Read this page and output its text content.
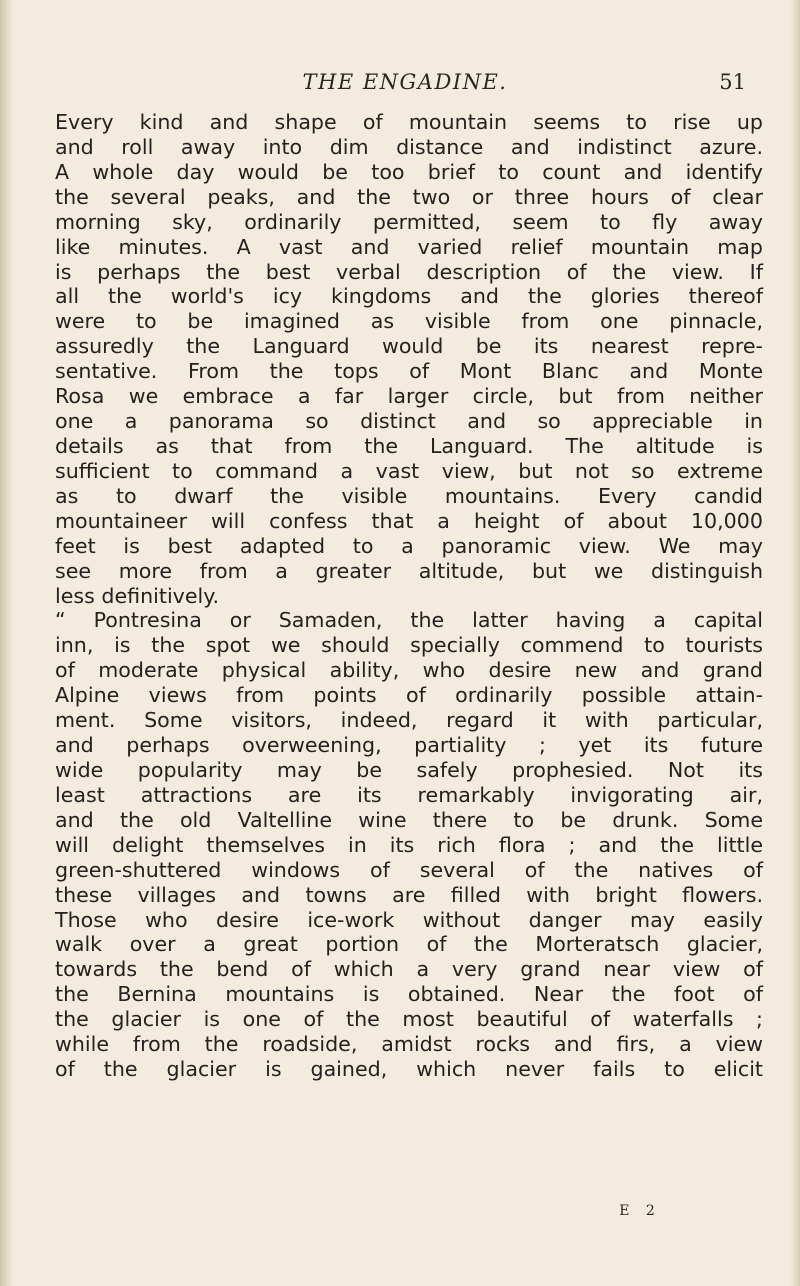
THE ENGADINE.	51
Every kind and shape of mountain seems to rise up
and roll away into dim distance and indistinct azure.
A whole day would be too brief to count and identify
the several peaks, and the two or three hours of clear
morning sky, ordinarily permitted, seem to fly away
like minutes. A vast and varied relief mountain map
is perhaps the best verbal description of the view. If
all the world's icy kingdoms and the glories thereof
were to be imagined as visible from one pinnacle,
assuredly the Languard would be its nearest repre-
sentative. From the tops of Mont Blanc and Monte
Rosa we embrace a far larger circle, but from neither
one a panorama so distinct and so appreciable in
details as that from the Languard. The altitude is
sufficient to command a vast view, but not so extreme
as to dwarf the visible mountains. Every candid
mountaineer will confess that a height of about 10,000
feet is best adapted to a panoramic view. We may
see more from a greater altitude, but we distinguish
less definitively.
“ Pontresina or Samaden, the latter having a capital
inn, is the spot we should specially commend to tourists
of moderate physical ability, who desire new and grand
Alpine views from points of ordinarily possible attain-
ment. Some visitors, indeed, regard it with particular,
and perhaps overweening, partiality ; yet its future
wide popularity may be safely prophesied. Not its
least attractions are its remarkably invigorating air,
and the old Valtelline wine there to be drunk. Some
will delight themselves in its rich flora ; and the little
green-shuttered windows of several of the natives of
these villages and towns are filled with bright flowers.
Those who desire ice-work without danger may easily
walk over a great portion of the Morteratsch glacier,
towards the bend of which a very grand near view of
the Bernina mountains is obtained. Near the foot of
the glacier is one of the most beautiful of waterfalls ;
while from the roadside, amidst rocks and firs, a view
of the glacier is gained, which never fails to elicit
E 2
